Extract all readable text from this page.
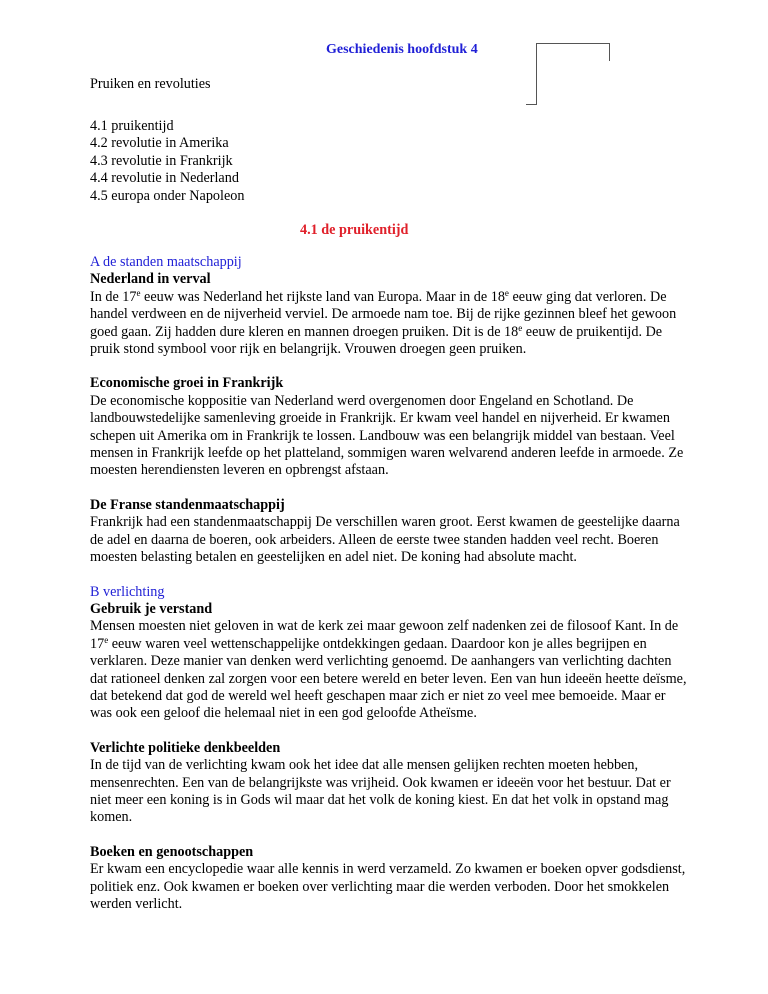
Geschiedenis hoofdstuk 4
Pruiken en revoluties
4.1 pruikentijd
4.2 revolutie in Amerika
4.3 revolutie in Frankrijk
4.4 revolutie in Nederland
4.5 europa onder Napoleon
4.1 de pruikentijd
A de standen maatschappij
Nederland in verval

In de 17e eeuw was Nederland het rijkste land van Europa. Maar in de 18e eeuw ging dat verloren. De handel verdween en de nijverheid verviel. De armoede nam toe. Bij de rijke gezinnen bleef het gewoon goed gaan. Zij hadden dure kleren en mannen droegen pruiken. Dit is de 18e eeuw de pruikentijd. De pruik stond symbool voor rijk en belangrijk. Vrouwen droegen geen pruiken.

Economische groei in Frankrijk

De economische koppositie van Nederland werd overgenomen door Engeland en Schotland. De landbouwstedelijke samenleving groeide in Frankrijk. Er kwam veel handel en nijverheid. Er kwamen schepen uit Amerika om in Frankrijk te lossen. Landbouw was een belangrijk middel van bestaan. Veel mensen in Frankrijk leefde op het platteland, sommigen waren welvarend anderen leefde in armoede. Ze moesten herendiensten leveren en opbrengst afstaan.

De Franse standenmaatschappij

Frankrijk had een standenmaatschappij De verschillen waren groot. Eerst kwamen de geestelijke daarna de adel en daarna de boeren, ook arbeiders. Alleen de eerste twee standen hadden veel recht. Boeren moesten belasting betalen en geestelijken en adel niet. De koning had absolute macht.

B verlichting
Gebruik je verstand

Mensen moesten niet geloven in wat de kerk zei maar gewoon zelf nadenken zei de filosoof Kant. In de 17e eeuw waren veel wettenschappelijke ontdekkingen gedaan. Daardoor kon je alles begrijpen en verklaren. Deze manier van denken werd verlichting genoemd. De aanhangers van verlichting dachten dat rationeel denken zal zorgen voor een betere wereld en beter leven. Een van hun ideeën heette deïsme, dat betekend dat god de wereld wel heeft geschapen maar zich er niet zo veel mee bemoeide. Maar er was ook een geloof die helemaal niet in een god geloofde Atheïsme.

Verlichte politieke denkbeelden

In de tijd van de verlichting kwam ook het idee dat alle mensen gelijken rechten moeten hebben, mensenrechten. Een van de belangrijkste was vrijheid. Ook kwamen er ideeën voor het bestuur. Dat er niet meer een koning is in Gods wil maar dat het volk de koning kiest. En dat het volk in opstand mag komen.

Boeken en genootschappen

Er kwam een encyclopedie waar alle kennis in werd verzameld. Zo kwamen er boeken opver godsdienst, politiek enz. Ook kwamen er boeken over verlichting maar die werden verboden. Door het smokkelen werden verlicht.
